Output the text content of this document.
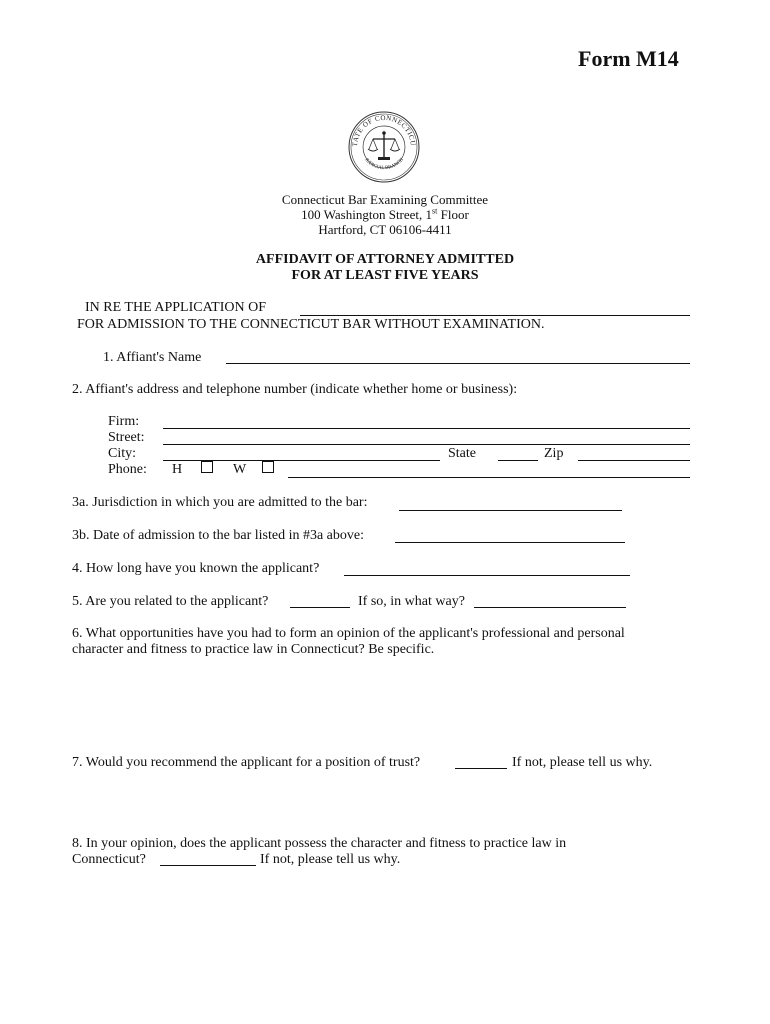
Form M14
TATE OF CONNECTICU
JUDICIAL BRANCH
Connecticut Bar Examining Committee
100 Washington Street, 1st Floor
Hartford, CT 06106-4411
AFFIDAVIT OF ATTORNEY ADMITTED
FOR AT LEAST FIVE YEARS
IN RE THE APPLICATION OF
FOR ADMISSION TO THE CONNECTICUT BAR WITHOUT EXAMINATION.
1. Affiant's Name
2. Affiant's address and telephone number (indicate whether home or business):
Firm:
Street:
City:	State	Zip
Phone: H	W
3a. Jurisdiction in which you are admitted to the bar:
3b. Date of admission to the bar listed in #3a above:
4. How long have you known the applicant?
5. Are you related to the applicant?	If so, in what way?
6. What opportunities have you had to form an opinion of the applicant's professional and personal
character and fitness to practice law in Connecticut? Be specific.
7. Would you recommend the applicant for a position of trust?	If not, please tell us why.
8. In your opinion, does the applicant possess the character and fitness to practice law in
Connecticut?	If not, please tell us why.
